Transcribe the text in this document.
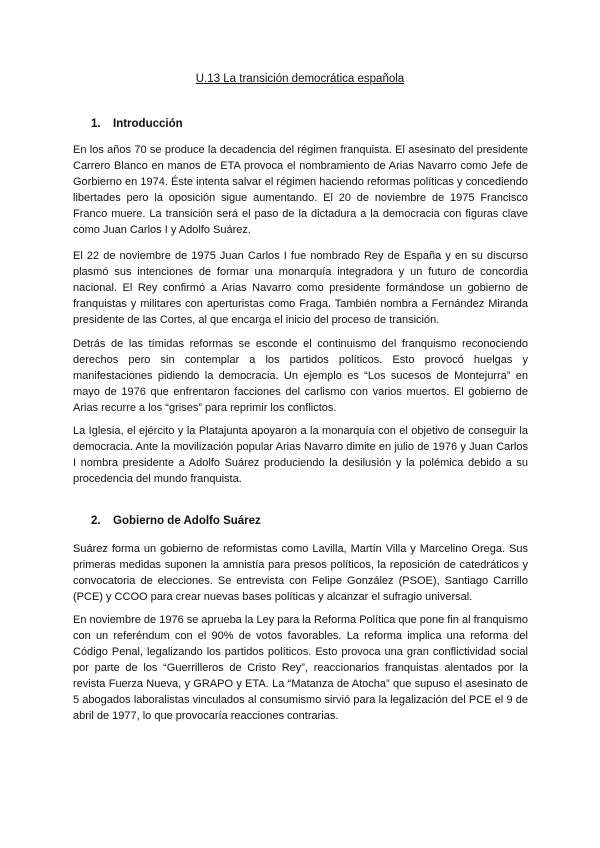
U.13 La transición democrática española
1. Introducción

En los años 70 se produce la decadencia del régimen franquista. El asesinato del presidente Carrero Blanco en manos de ETA provoca el nombramiento de Arias Navarro como Jefe de Gorbierno en 1974. Éste intenta salvar el régimen haciendo reformas políticas y concediendo libertades pero la oposición sigue aumentando. El 20 de noviembre de 1975 Francisco Franco muere. La transición será el paso de la dictadura a la democracia con figuras clave como Juan Carlos I y Adolfo Suárez.

El 22 de noviembre de 1975 Juan Carlos I fue nombrado Rey de España y en su discurso plasmó sus intenciones de formar una monarquía integradora y un futuro de concordia nacional. El Rey confirmó a Arias Navarro como presidente formándose un gobierno de franquistas y militares con aperturistas como Fraga. También nombra a Fernández Miranda presidente de las Cortes, al que encarga el inicio del proceso de transición.

Detrás de las tímidas reformas se esconde el continuismo del franquismo reconociendo derechos pero sin contemplar a los partidos políticos. Esto provocó huelgas y manifestaciones pidiendo la democracia. Un ejemplo es “Los sucesos de Montejurra” en mayo de 1976 que enfrentaron facciones del carlismo con varios muertos. El gobierno de Arias recurre a los “grises” para reprimir los conflictos.

La Iglesia, el ejército y la Platajunta apoyaron a la monarquía con el objetivo de conseguir la democracia. Ante la movilización popular Arias Navarro dimite en julio de 1976 y Juan Carlos I nombra presidente a Adolfo Suárez produciendo la desilusión y la polémica debido a su procedencia del mundo franquista.

2. Gobierno de Adolfo Suárez

Suárez forma un gobierno de reformistas como Lavilla, Martín Villa y Marcelino Orega. Sus primeras medidas suponen la amnistía para presos políticos, la reposición de catedráticos y convocatoria de elecciones. Se entrevista con Felipe González (PSOE), Santiago Carrillo (PCE) y CCOO para crear nuevas bases políticas y alcanzar el sufragio universal.

En noviembre de 1976 se aprueba la Ley para la Reforma Política que pone fin al franquismo con un referéndum con el 90% de votos favorables. La reforma implica una reforma del Código Penal, legalizando los partidos políticos. Esto provoca una gran conflictividad social por parte de los “Guerrilleros de Cristo Rey”, reaccionarios franquistas alentados por la revista Fuerza Nueva, y GRAPO y ETA. La “Matanza de Atocha” que supuso el asesinato de 5 abogados laboralistas vinculados al consumismo sirvió para la legalización del PCE el 9 de abril de 1977, lo que provocaría reacciones contrarias.
